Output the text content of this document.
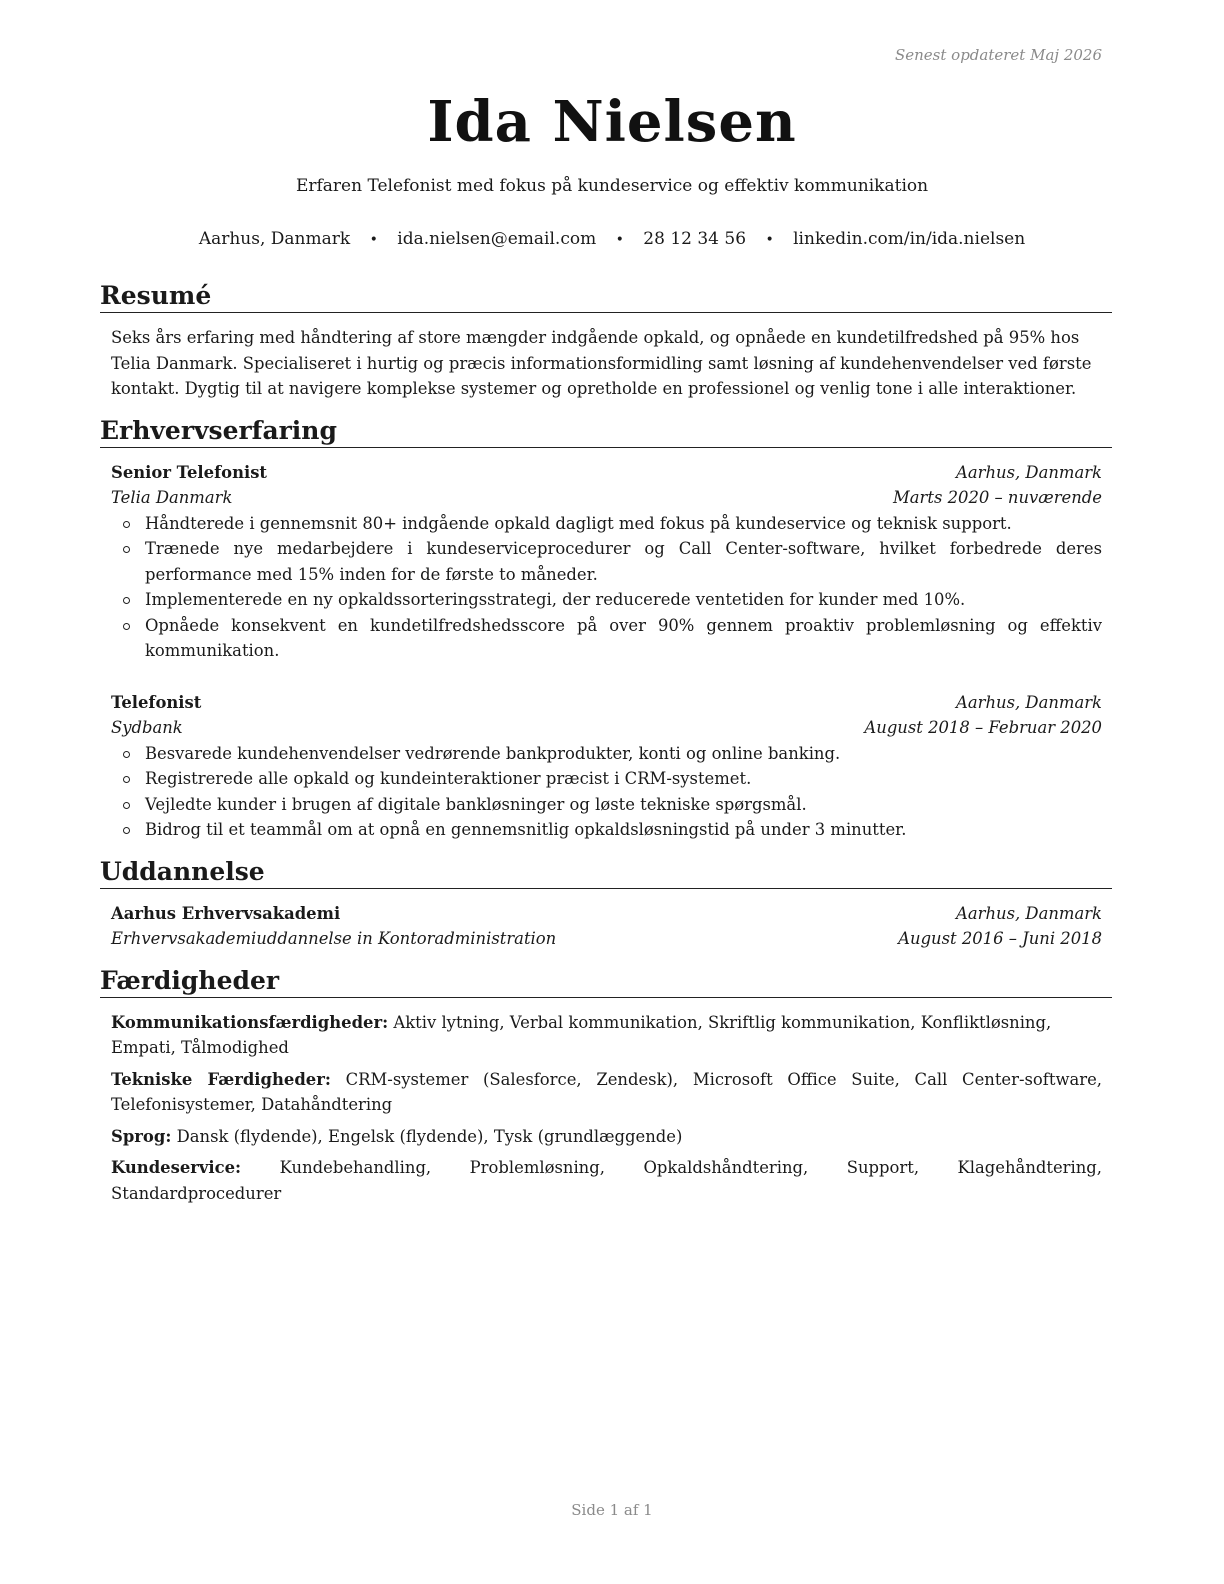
Senest opdateret Maj 2026
Ida Nielsen
Erfaren Telefonist med fokus på kundeservice og effektiv kommunikation
Aarhus, Danmark • ida.nielsen@email.com • 28 12 34 56 • linkedin.com/in/ida.nielsen
Resumé

Seks års erfaring med håndtering af store mængder indgående opkald, og opnåede en kundetilfredshed på 95% hos Telia Danmark. Specialiseret i hurtig og præcis informationsformidling samt løsning af kundehenvendelser ved første kontakt. Dygtig til at navigere komplekse systemer og opretholde en professionel og venlig tone i alle interaktioner.

Erhvervserfaring
Senior Telefonist	Aarhus, Danmark
Telia Danmark	Marts 2020 – nuværende
Håndterede i gennemsnit 80+ indgående opkald dagligt med fokus på kundeservice og teknisk support.
Trænede nye medarbejdere i kundeserviceprocedurer og Call Center-software, hvilket forbedrede deres performance med 15% inden for de første to måneder.
Implementerede en ny opkaldssorteringsstrategi, der reducerede ventetiden for kunder med 10%.
Opnåede konsekvent en kundetilfredshedsscore på over 90% gennem proaktiv problemløsning og effektiv kommunikation.
Telefonist	Aarhus, Danmark
Sydbank	August 2018 – Februar 2020
Besvarede kundehenvendelser vedrørende bankprodukter, konti og online banking.
Registrerede alle opkald og kundeinteraktioner præcist i CRM-systemet.
Vejledte kunder i brugen af digitale bankløsninger og løste tekniske spørgsmål.
Bidrog til et teammål om at opnå en gennemsnitlig opkaldsløsningstid på under 3 minutter.
Uddannelse
Aarhus Erhvervsakademi	Aarhus, Danmark
Erhvervsakademiuddannelse in Kontoradministration	August 2016 – Juni 2018
Færdigheder
Kommunikationsfærdigheder: Aktiv lytning, Verbal kommunikation, Skriftlig kommunikation, Konfliktløsning, Empati, Tålmodighed
Tekniske Færdigheder: CRM-systemer (Salesforce, Zendesk), Microsoft Office Suite, Call Center-software, Telefonisystemer, Datahåndtering
Sprog: Dansk (flydende), Engelsk (flydende), Tysk (grundlæggende)
Kundeservice: Kundebehandling, Problemløsning, Opkaldshåndtering, Support, Klagehåndtering, Standardprocedurer
Side 1 af 1
